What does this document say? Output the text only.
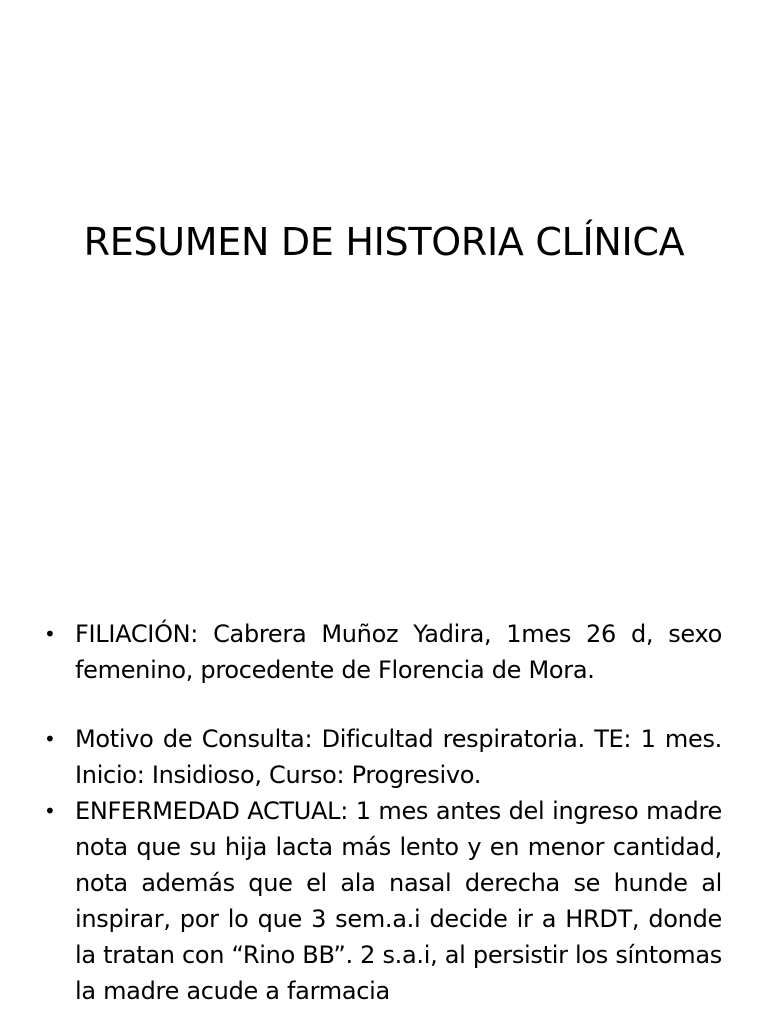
RESUMEN DE HISTORIA CLÍNICA
• FILIACIÓN: Cabrera Muñoz Yadira, 1mes 26 d, sexo femenino, procedente de Florencia de Mora.
• Motivo de Consulta: Dificultad respiratoria. TE: 1 mes. Inicio: Insidioso, Curso: Progresivo.
• ENFERMEDAD ACTUAL: 1 mes antes del ingreso madre nota que su hija lacta más lento y en menor cantidad, nota además que el ala nasal derecha se hunde al inspirar, por lo que 3 sem.a.i decide ir a HRDT, donde la tratan con “Rino BB”. 2 s.a.i, al persistir los síntomas la madre acude a farmacia
